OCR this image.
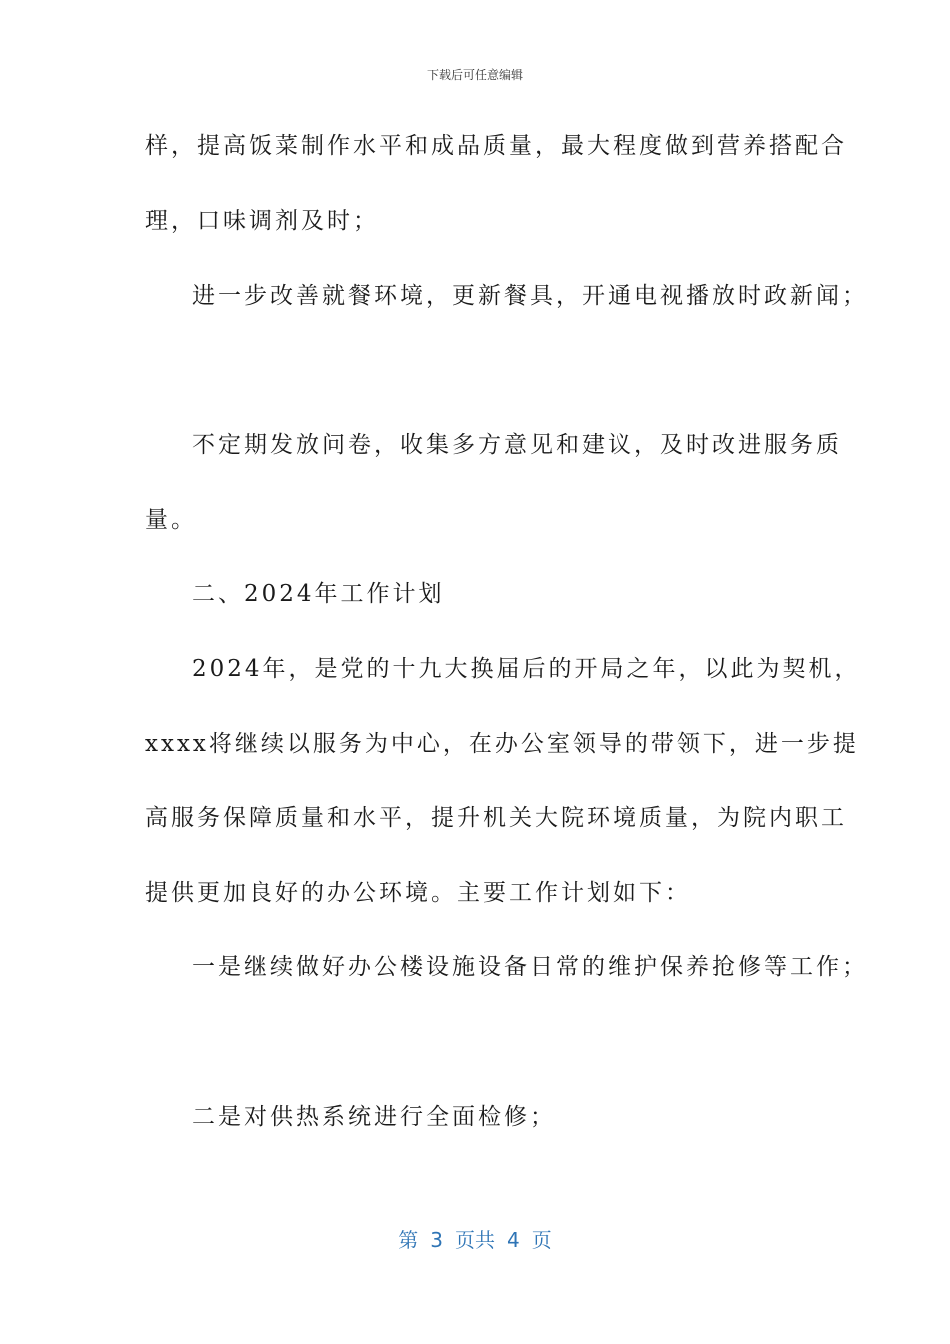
下载后可任意编辑
样，提高饭菜制作水平和成品质量，最大程度做到营养搭配合
理，口味调剂及时；
进一步改善就餐环境，更新餐具，开通电视播放时政新闻；
不定期发放问卷，收集多方意见和建议，及时改进服务质
量。
二、2024年工作计划
2024年，是党的十九大换届后的开局之年，以此为契机，
xxxx将继续以服务为中心，在办公室领导的带领下，进一步提
高服务保障质量和水平，提升机关大院环境质量，为院内职工
提供更加良好的办公环境。主要工作计划如下：
一是继续做好办公楼设施设备日常的维护保养抢修等工作；
二是对供热系统进行全面检修；
第 3 页共 4 页
